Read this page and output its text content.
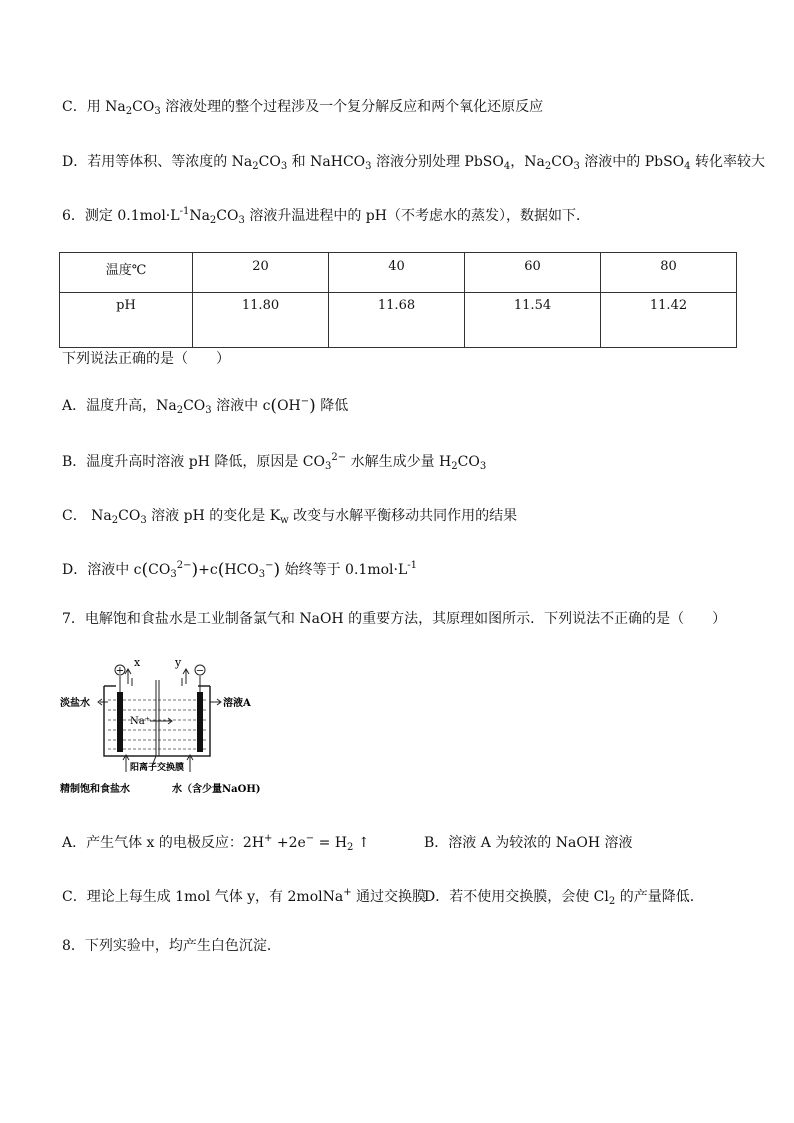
C．用 $Na_2CO_3$ 溶液处理的整个过程涉及一个复分解反应和两个氧化还原反应
D．若用等体积、等浓度的 $Na_2CO_3$ 和 NaHCO$_3$ 溶液分别处理 PbSO$_4$，$Na_2CO_3$ 溶液中的 PbSO$_4$ 转化率较大
6．测定 $0.1mol\cdot L^{-1}Na_2CO_3$ 溶液升温进程中的 pH（不考虑水的蒸发），数据如下．
温度℃	20	40	60	80
pH	11.80	11.68	11.54	11.42
下列说法正确的是（　　）
A．温度升高，$Na_2CO_3$ 溶液中 c(OH−) 降低
B．温度升高时溶液 pH 降低，原因是 $CO_3^{2-}$ 水解生成少量 $H_2CO_3$
C． $Na_2CO_3$ 溶液 pH 的变化是 $K_w$ 改变与水解平衡移动共同作用的结果
D．溶液中 $c(CO_3^{2-})+c(HCO_3^-)$ 始终等于 $0.1mol\cdot L^{-1}$
7．电解饱和食盐水是工业制备氯气和 NaOH 的重要方法，其原理如图所示．下列说法不正确的是（　　）
+	−
x	y
淡盐水	溶液A
Na⁺
阳离子交换膜
精制饱和食盐水	水（含少量NaOH)
A．产生气体 x 的电极反应：$2H^+ +2e^- = H_2$ ↑	B．溶液 A 为较浓的 NaOH 溶液
C．理论上每生成 1mol 气体 y，有 2molNa+ 通过交换膜
D．若不使用交换膜，会使 $Cl_2$ 的产量降低．
8．下列实验中，均产生白色沉淀．
